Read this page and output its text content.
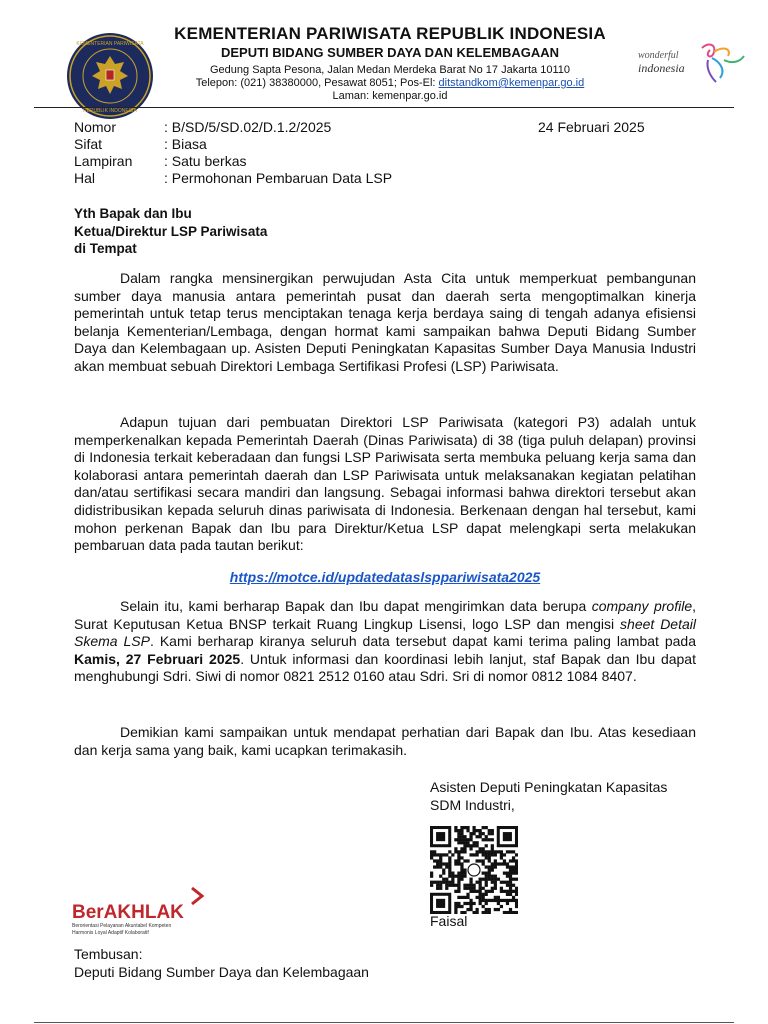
KEMENTERIAN PARIWISATA
REPUBLIK INDONESIA
KEMENTERIAN PARIWISATA REPUBLIK INDONESIA
DEPUTI BIDANG SUMBER DAYA DAN KELEMBAGAAN
Gedung Sapta Pesona, Jalan Medan Merdeka Barat No 17 Jakarta 10110
Telepon: (021) 38380000, Pesawat 8051; Pos-El: ditstandkom@kemenpar.go.id
Laman: kemenpar.go.id
wonderful
indonesia
Nomor	: B/SD/5/SD.02/D.1.2/2025
Sifat	: Biasa
Lampiran	: Satu berkas
Hal	: Permohonan Pembaruan Data LSP
24 Februari 2025
Yth Bapak dan Ibu
Ketua/Direktur LSP Pariwisata
di Tempat
Dalam rangka mensinergikan perwujudan Asta Cita untuk memperkuat pembangunan sumber daya manusia antara pemerintah pusat dan daerah serta mengoptimalkan kinerja pemerintah untuk tetap terus menciptakan tenaga kerja berdaya saing di tengah adanya efisiensi belanja Kementerian/Lembaga, dengan hormat kami sampaikan bahwa Deputi Bidang Sumber Daya dan Kelembagaan up. Asisten Deputi Peningkatan Kapasitas Sumber Daya Manusia Industri akan membuat sebuah Direktori Lembaga Sertifikasi Profesi (LSP) Pariwisata.
Adapun tujuan dari pembuatan Direktori LSP Pariwisata (kategori P3) adalah untuk memperkenalkan kepada Pemerintah Daerah (Dinas Pariwisata) di 38 (tiga puluh delapan) provinsi di Indonesia terkait keberadaan dan fungsi LSP Pariwisata serta membuka peluang kerja sama dan kolaborasi antara pemerintah daerah dan LSP Pariwisata untuk melaksanakan kegiatan pelatihan dan/atau sertifikasi secara mandiri dan langsung. Sebagai informasi bahwa direktori tersebut akan didistribusikan kepada seluruh dinas pariwisata di Indonesia. Berkenaan dengan hal tersebut, kami mohon perkenan Bapak dan Ibu para Direktur/Ketua LSP dapat melengkapi serta melakukan pembaruan data pada tautan berikut:
https://motce.id/updatedataslsppariwisata2025
Selain itu, kami berharap Bapak dan Ibu dapat mengirimkan data berupa company profile, Surat Keputusan Ketua BNSP terkait Ruang Lingkup Lisensi, logo LSP dan mengisi sheet Detail Skema LSP. Kami berharap kiranya seluruh data tersebut dapat kami terima paling lambat pada Kamis, 27 Februari 2025. Untuk informasi dan koordinasi lebih lanjut, staf Bapak dan Ibu dapat menghubungi Sdri. Siwi di nomor 0821 2512 0160 atau Sdri. Sri di nomor 0812 1084 8407.
Demikian kami sampaikan untuk mendapat perhatian dari Bapak dan Ibu. Atas kesediaan dan kerja sama yang baik, kami ucapkan terimakasih.
Asisten Deputi Peningkatan Kapasitas
SDM Industri,
Faisal
BerAKHLAK
Berorientasi Pelayanan Akuntabel Kompeten
Harmonis Loyal Adaptif Kolaboratif
Tembusan:
Deputi Bidang Sumber Daya dan Kelembagaan
